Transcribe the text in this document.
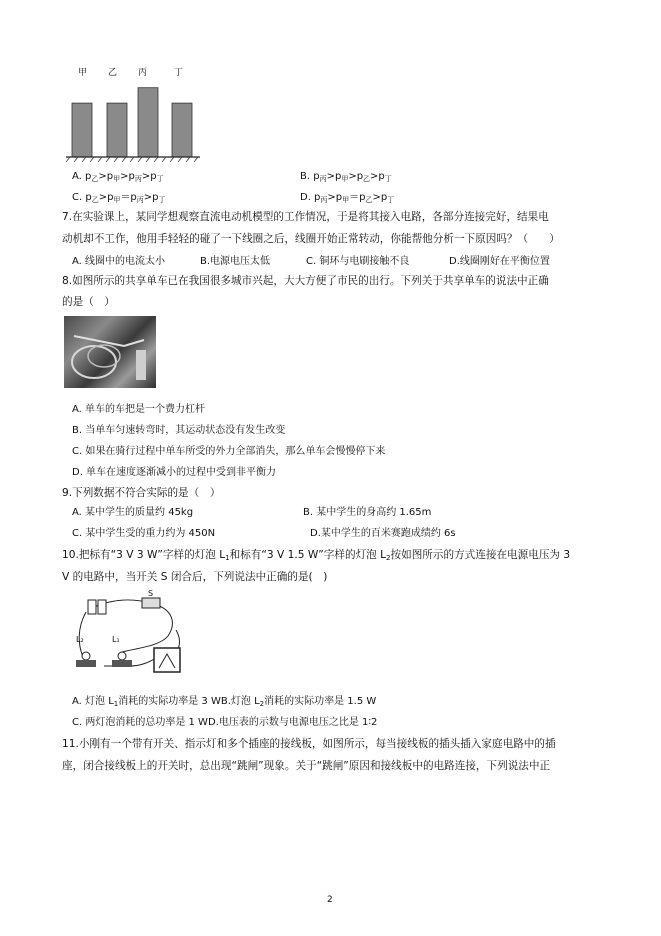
甲 乙 丙	丁
A. $p_乙>p_甲>p_丙>p_丁$	B. $p_丙>p_甲>p_乙>p_丁$
C. $p_乙>p_甲=p_丙>p_丁$	D. $p_丙>p_甲=p_乙>p_丁$
7.在实验课上，某同学想观察直流电动机模型的工作情况，于是将其接入电路，各部分连接完好，结果电
动机却不工作，他用手轻轻的碰了一下线圈之后，线圈开始正常转动，你能帮他分析一下原因吗？（　　）
A. 线圈中的电流太小	B.电源电压太低	C. 铜环与电刷接触不良	D.线圈刚好在平衡位置
8.如图所示的共享单车已在我国很多城市兴起，大大方便了市民的出行。下列关于共享单车的说法中正确
的是（　）
A. 单车的车把是一个费力杠杆
B. 当单车匀速转弯时，其运动状态没有发生改变
C. 如果在骑行过程中单车所受的外力全部消失，那么单车会慢慢停下来
D. 单车在速度逐渐减小的过程中受到非平衡力
9.下列数据不符合实际的是（　）
A. 某中学生的质量约 45kg	B. 某中学生的身高约 1.65m
C. 某中学生受的重力约为 450N	D.某中学生的百米赛跑成绩约 6s
10.把标有“3 V 3 W”字样的灯泡 $L_1$和标有“3 V 1.5 W”字样的灯泡 $L_2$按如图所示的方式连接在电源电压为 3
V 的电路中，当开关 S 闭合后，下列说法中正确的是(　)
S
L₂	L₁
A. 灯泡 $L_1$消耗的实际功率是 3 WB.灯泡 $L_2$消耗的实际功率是 1.5 W
C. 两灯泡消耗的总功率是 1 WD.电压表的示数与电源电压之比是 1∶2
11.小刚有一个带有开关、指示灯和多个插座的接线板，如图所示，每当接线板的插头插入家庭电路中的插
座，闭合接线板上的开关时，总出现“跳闸”现象。关于“跳闸”原因和接线板中的电路连接，下列说法中正
2
